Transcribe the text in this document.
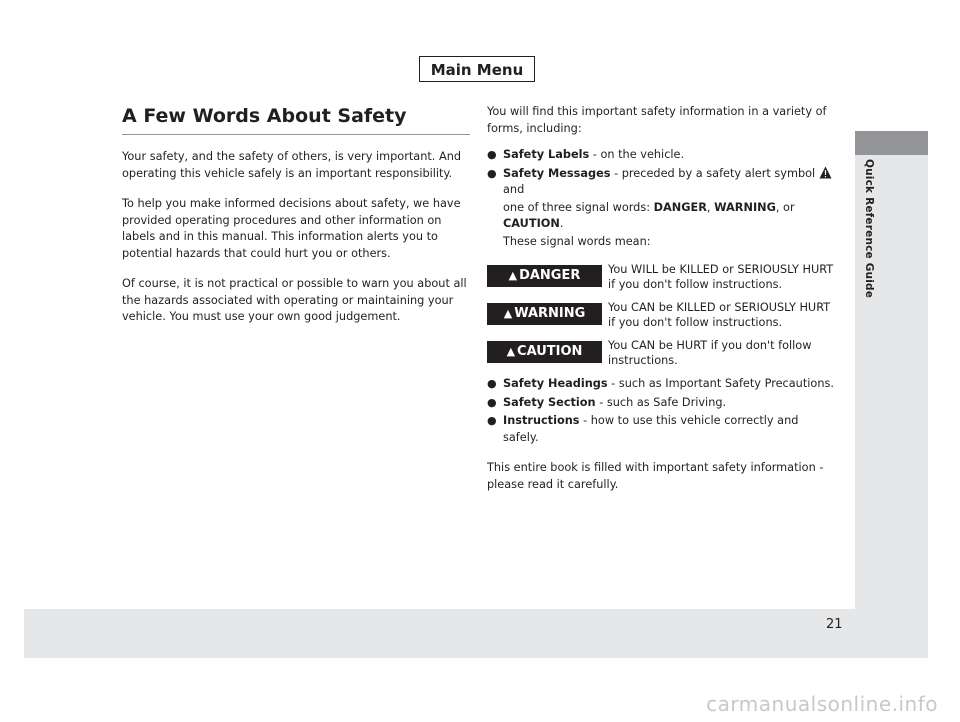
Main Menu
Quick Reference Guide
21
carmanualsonline.info
A Few Words About Safety

Your safety, and the safety of others, is very important. And operating this vehicle safely is an important responsibility.

To help you make informed decisions about safety, we have provided operating procedures and other information on labels and in this manual. This information alerts you to potential hazards that could hurt you or others.

Of course, it is not practical or possible to warn you about all the hazards associated with operating or maintaining your vehicle. You must use your own good judgement.

You will find this important safety information in a variety of forms, including:

● Safety Labels - on the vehicle.
● Safety Messages - preceded by a safety alert symbol  and
one of three signal words: DANGER, WARNING, or CAUTION.
These signal words mean:
▲ DANGER	You WILL be KILLED or SERIOUSLY HURT if you don't follow instructions.
▲ WARNING	You CAN be KILLED or SERIOUSLY HURT if you don't follow instructions.
▲ CAUTION	You CAN be HURT if you don't follow instructions.
● Safety Headings - such as Important Safety Precautions.
● Safety Section - such as Safe Driving.
● Instructions - how to use this vehicle correctly and safely.

This entire book is filled with important safety information - please read it carefully.
